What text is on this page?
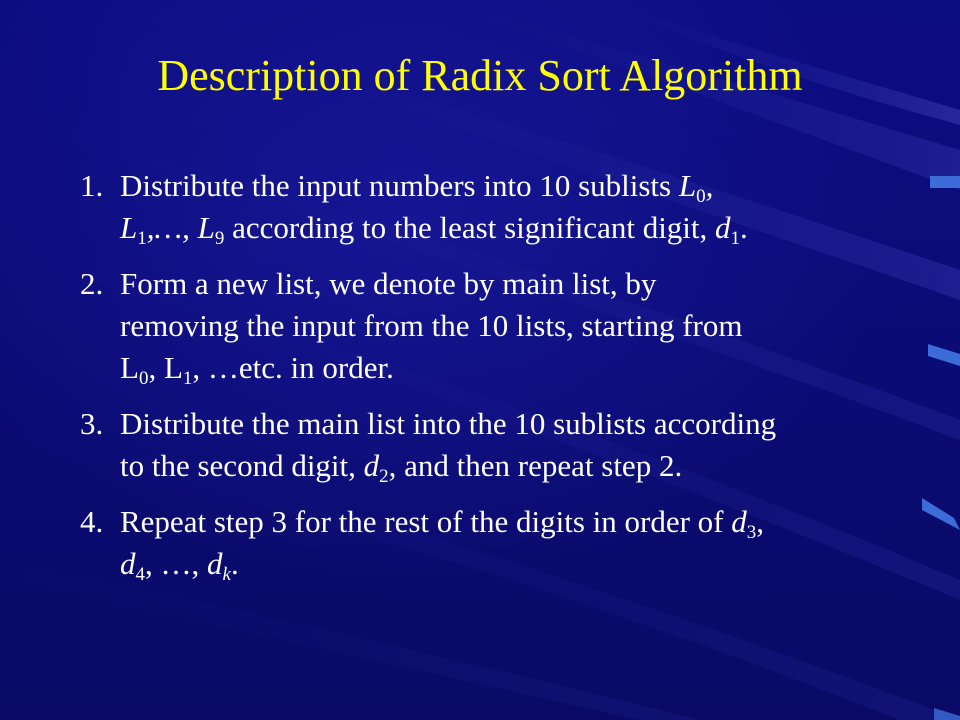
Description of Radix Sort Algorithm
1. Distribute the input numbers into 10 sublists $L_0$,
$L_1,\dots$, $L_9$ according to the least significant digit, $d_1$.
2. Form a new list, we denote by main list, by
removing the input from the 10 lists, starting from
$L_0$, $L_1$, …etc. in order.
3. Distribute the main list into the 10 sublists according
to the second digit, $d_2$, and then repeat step 2.
4. Repeat step 3 for the rest of the digits in order of $d_3$,
$d_4$, …, $d_k$.
